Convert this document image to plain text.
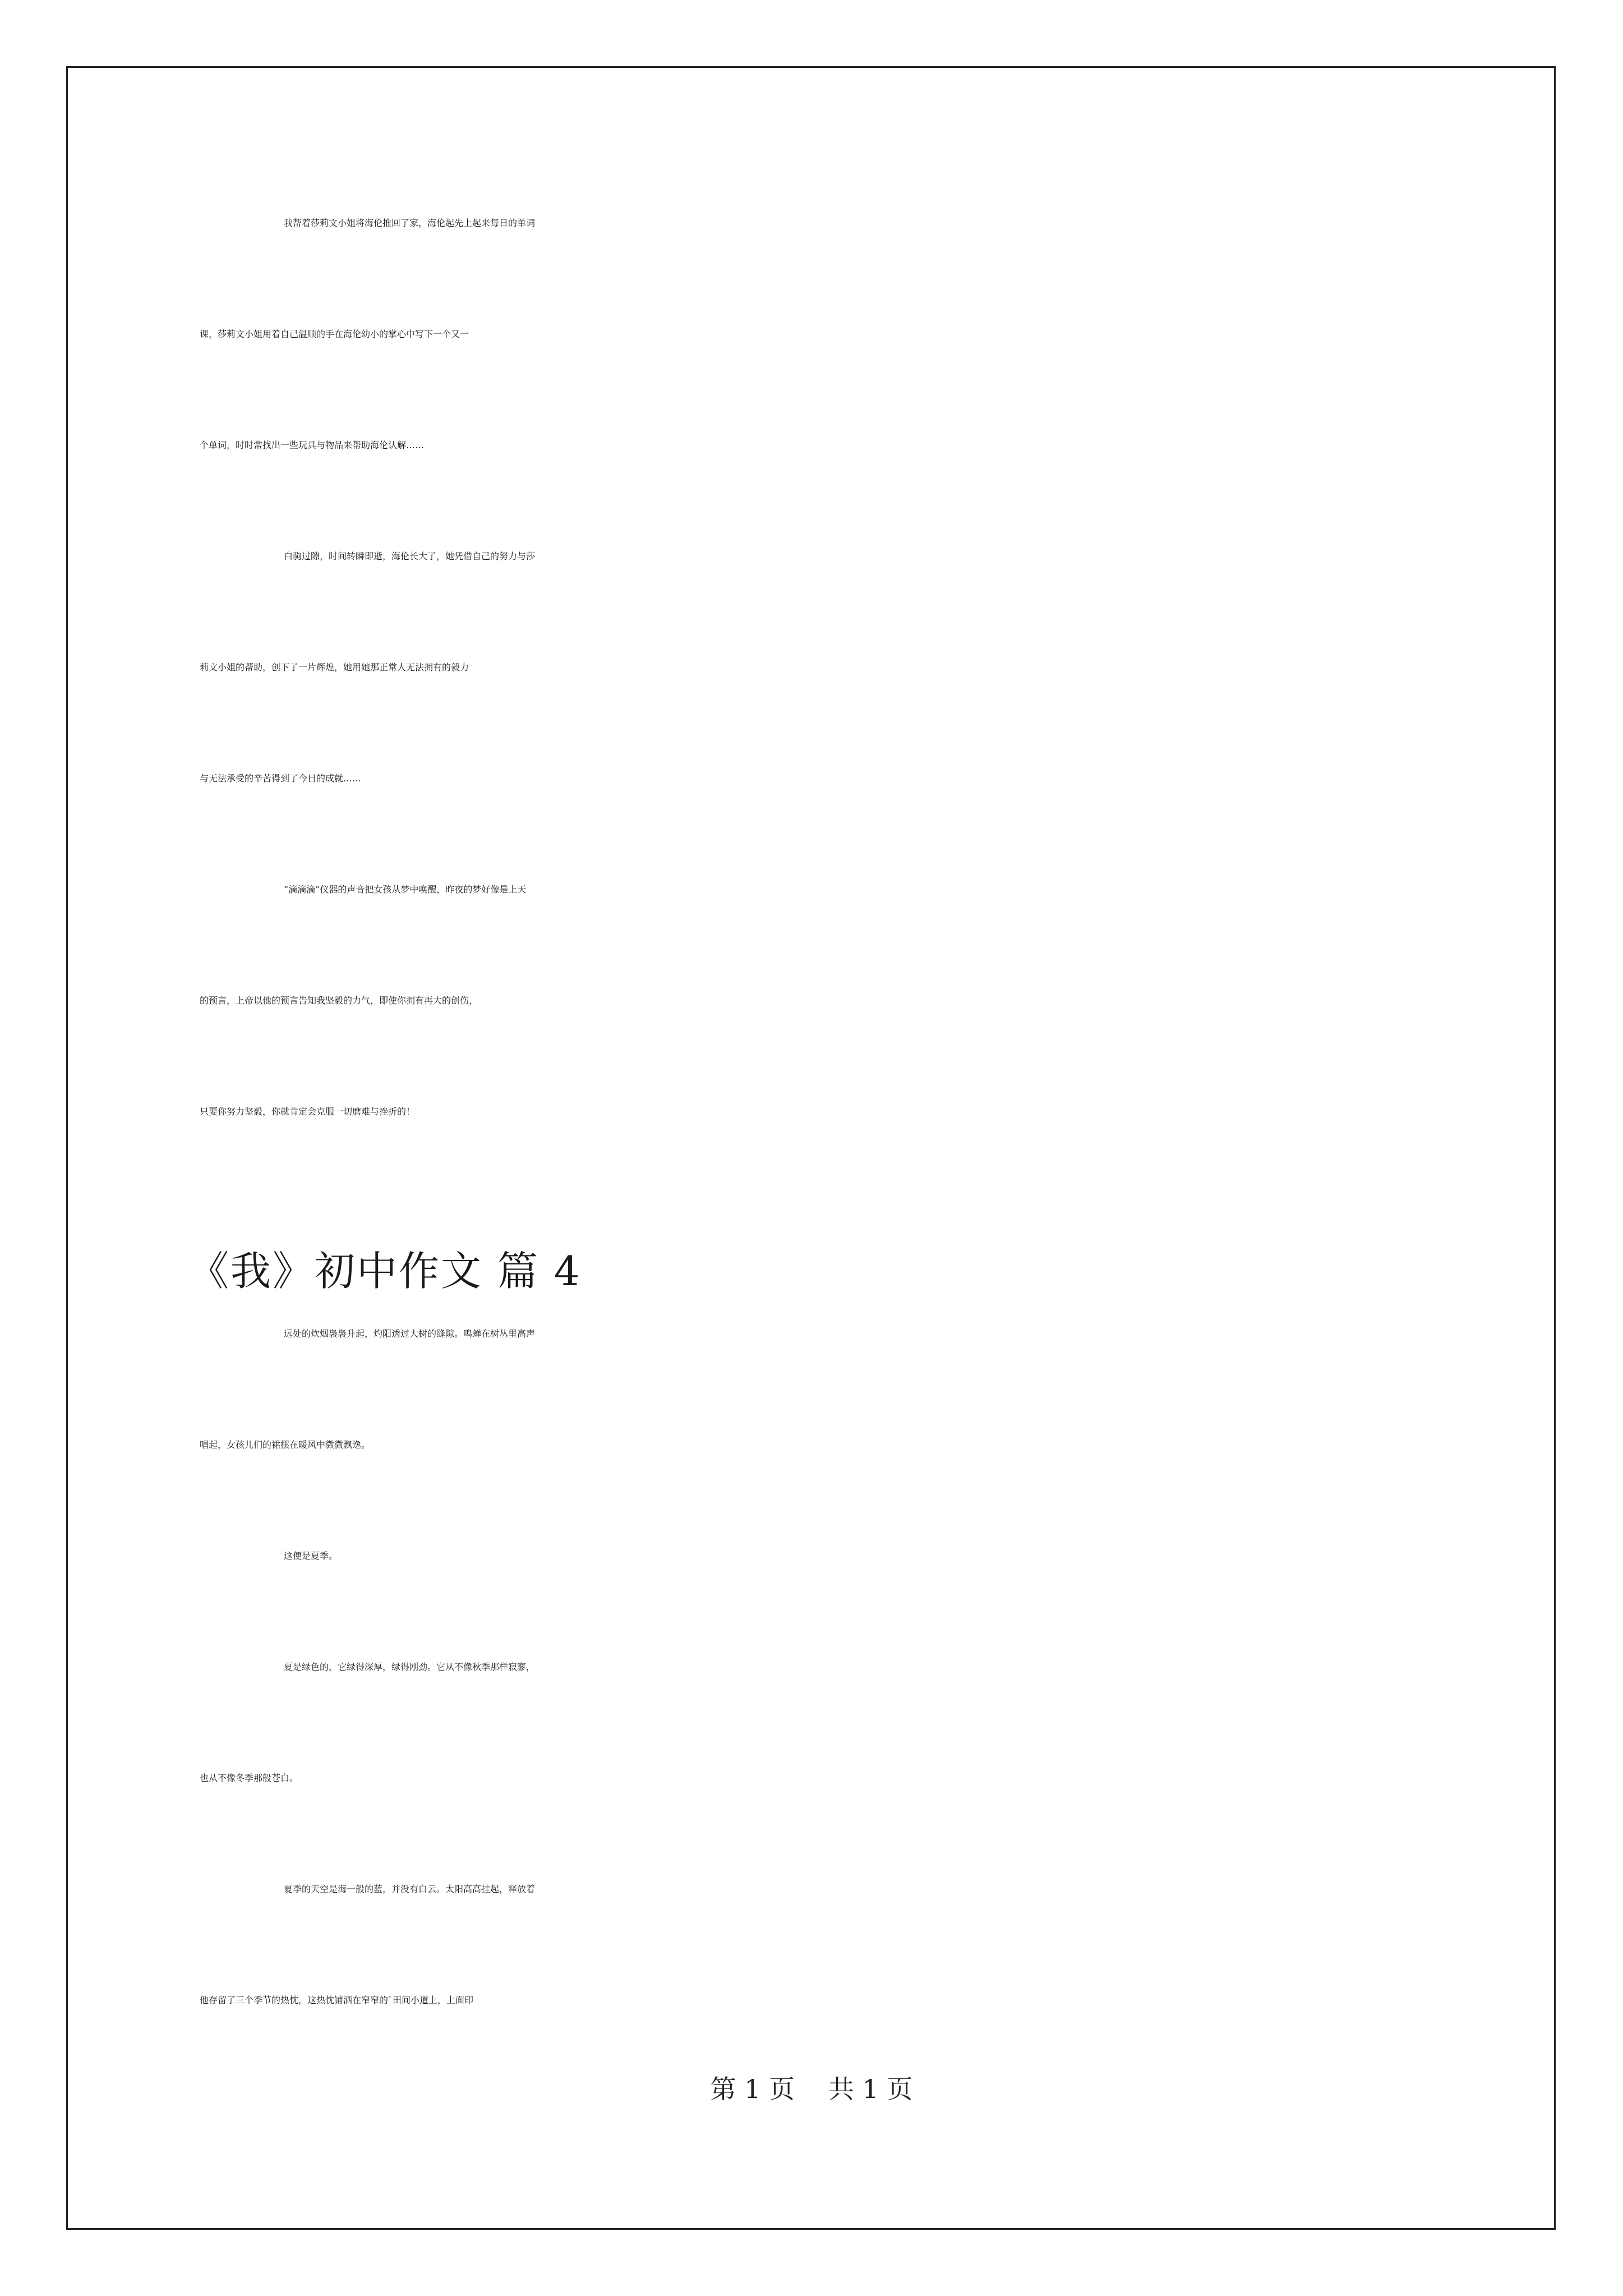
我帮着莎莉文小姐将海伦推回了家，海伦起先上起来每日的单词
课，莎莉文小姐用着自己温顺的手在海伦幼小的掌心中写下一个又一
个单词，时时常找出一些玩具与物品来帮助海伦认解……
白驹过隙，时间转瞬即逝，海伦长大了，她凭借自己的努力与莎
莉文小姐的帮助，创下了一片辉煌，她用她那正常人无法拥有的毅力
与无法承受的辛苦得到了今日的成就……
“滴滴滴”仪器的声音把女孩从梦中唤醒，昨夜的梦好像是上天
的预言，上帝以他的预言告知我坚毅的力气，即使你拥有再大的创伤，
只要你努力坚毅，你就肯定会克服一切磨难与挫折的！
《我》初中作文 篇 4
远处的炊烟袅袅升起，灼阳透过大树的缝隙。鸣蝉在树丛里高声
唱起，女孩儿们的裙摆在暖风中微微飘逸。
这便是夏季。
夏是绿色的，它绿得深厚，绿得刚劲。它从不像秋季那样寂寥，
也从不像冬季那般苍白。
夏季的天空是海一般的蓝，并没有白云。太阳高高挂起，释放着
他存留了三个季节的热忱，这热忱铺洒在窄窄的`田间小道上，上面印
第 1 页 共 1 页
